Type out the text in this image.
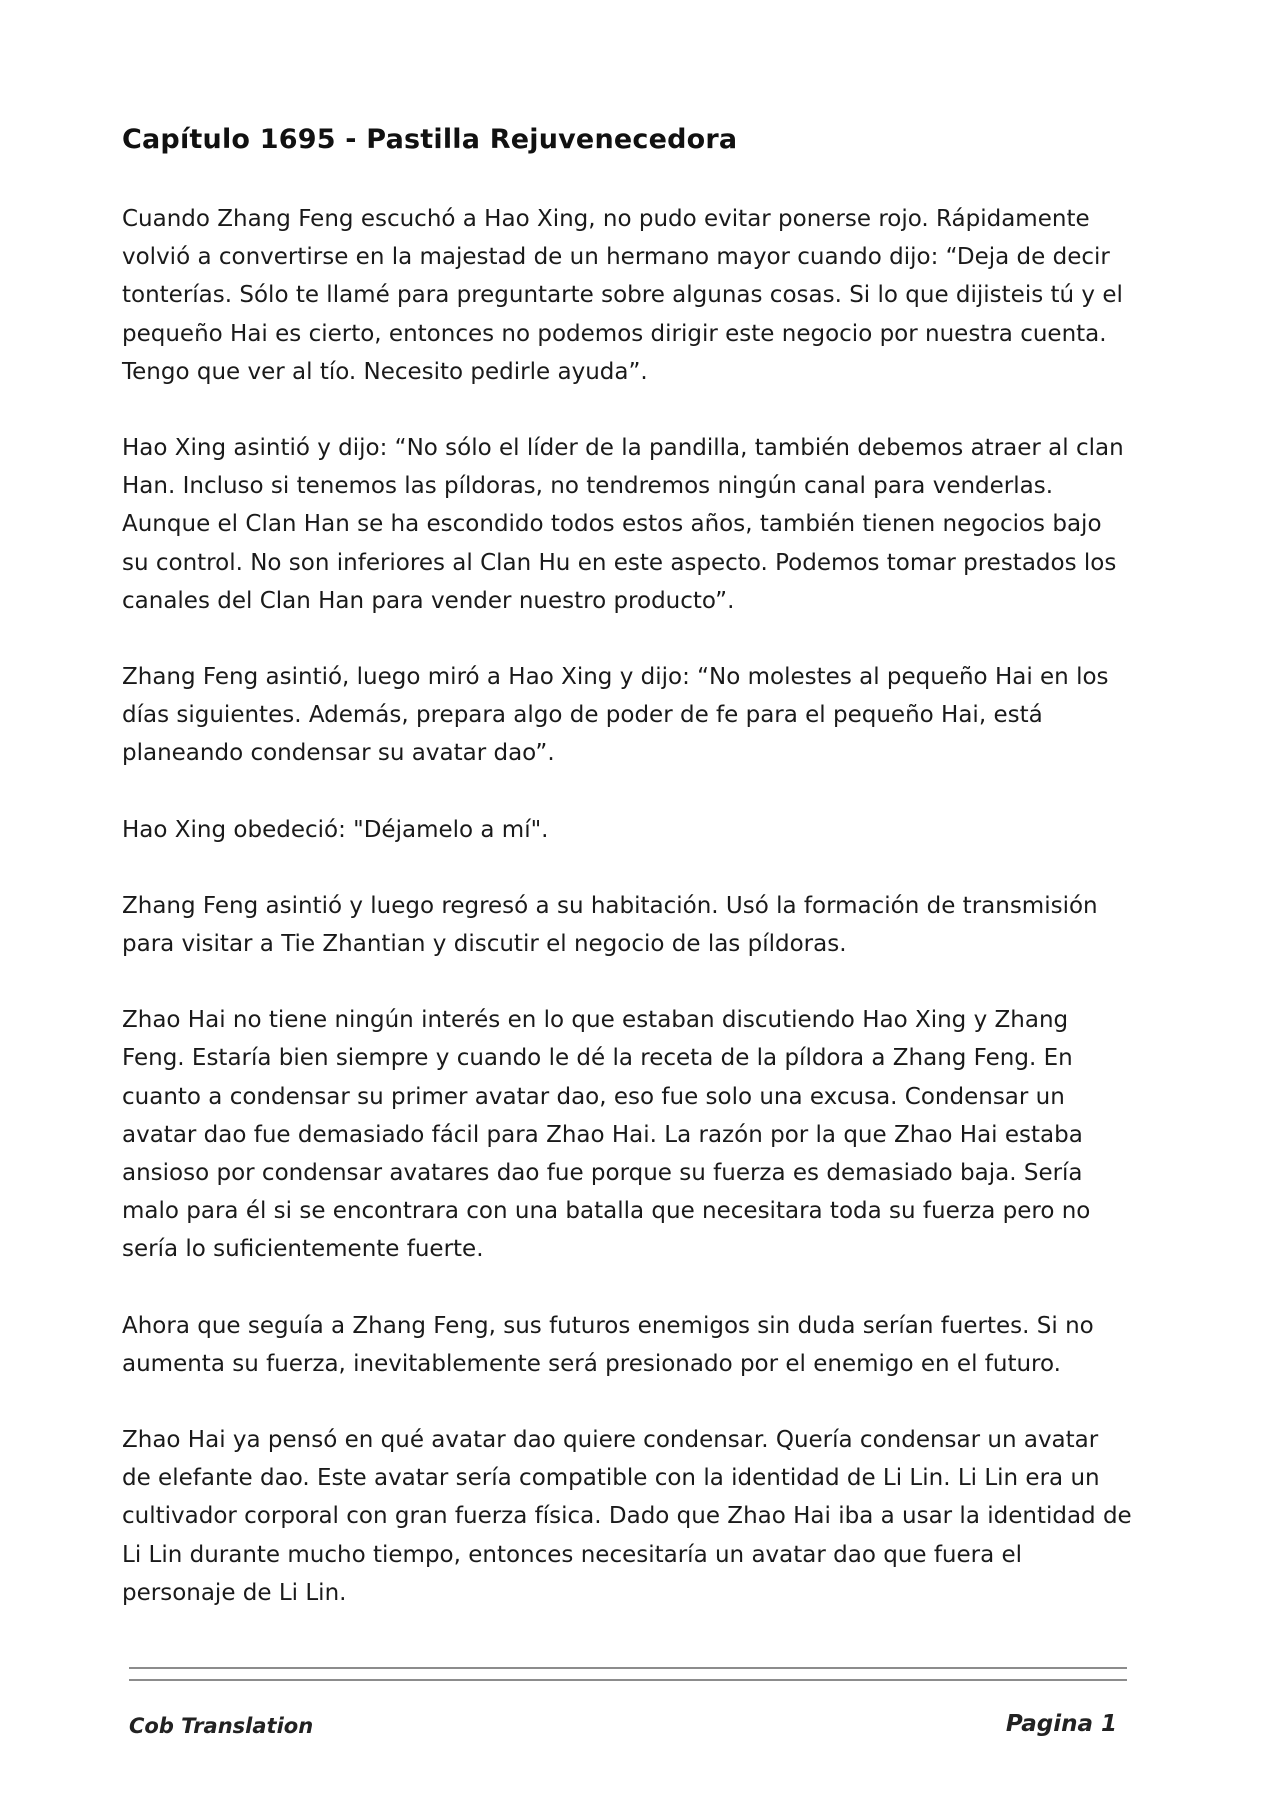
Capítulo 1695 - Pastilla Rejuvenecedora

Cuando Zhang Feng escuchó a Hao Xing, no pudo evitar ponerse rojo. Rápidamente volvió a convertirse en la majestad de un hermano mayor cuando dijo: “Deja de decir tonterías. Sólo te llamé para preguntarte sobre algunas cosas. Si lo que dijisteis tú y el pequeño Hai es cierto, entonces no podemos dirigir este negocio por nuestra cuenta. Tengo que ver al tío. Necesito pedirle ayuda”.

Hao Xing asintió y dijo: “No sólo el líder de la pandilla, también debemos atraer al clan Han. Incluso si tenemos las píldoras, no tendremos ningún canal para venderlas. Aunque el Clan Han se ha escondido todos estos años, también tienen negocios bajo su control. No son inferiores al Clan Hu en este aspecto. Podemos tomar prestados los canales del Clan Han para vender nuestro producto”.

Zhang Feng asintió, luego miró a Hao Xing y dijo: “No molestes al pequeño Hai en los días siguientes. Además, prepara algo de poder de fe para el pequeño Hai, está planeando condensar su avatar dao”.

Hao Xing obedeció: "Déjamelo a mí".

Zhang Feng asintió y luego regresó a su habitación. Usó la formación de transmisión para visitar a Tie Zhantian y discutir el negocio de las píldoras.

Zhao Hai no tiene ningún interés en lo que estaban discutiendo Hao Xing y Zhang Feng. Estaría bien siempre y cuando le dé la receta de la píldora a Zhang Feng. En cuanto a condensar su primer avatar dao, eso fue solo una excusa. Condensar un avatar dao fue demasiado fácil para Zhao Hai. La razón por la que Zhao Hai estaba ansioso por condensar avatares dao fue porque su fuerza es demasiado baja. Sería malo para él si se encontrara con una batalla que necesitara toda su fuerza pero no sería lo suficientemente fuerte.

Ahora que seguía a Zhang Feng, sus futuros enemigos sin duda serían fuertes. Si no aumenta su fuerza, inevitablemente será presionado por el enemigo en el futuro.

Zhao Hai ya pensó en qué avatar dao quiere condensar. Quería condensar un avatar de elefante dao. Este avatar sería compatible con la identidad de Li Lin. Li Lin era un cultivador corporal con gran fuerza física. Dado que Zhao Hai iba a usar la identidad de Li Lin durante mucho tiempo, entonces necesitaría un avatar dao que fuera el personaje de Li Lin.

Cob Translation	Pagina 1
